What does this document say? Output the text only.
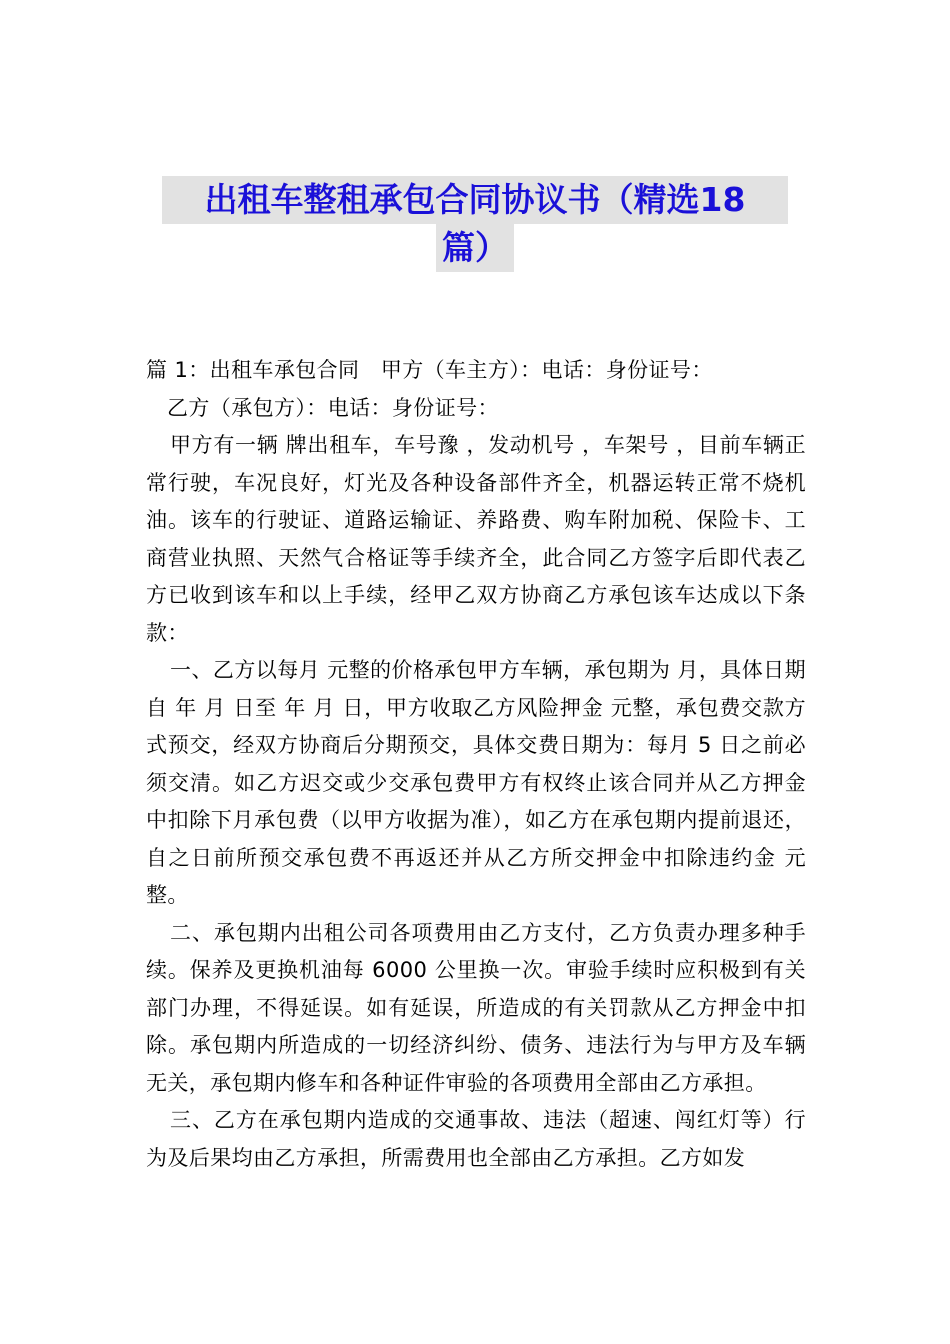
出租车整租承包合同协议书（精选18
篇）

篇 1：出租车承包合同　甲方（车主方）：电话：身份证号：

乙方（承包方）：电话：身份证号：

甲方有一辆 牌出租车，车号豫 ，发动机号 ，车架号 ，目前车辆正常行驶，车况良好，灯光及各种设备部件齐全，机器运转正常不烧机油。该车的行驶证、道路运输证、养路费、购车附加税、保险卡、工商营业执照、天然气合格证等手续齐全，此合同乙方签字后即代表乙方已收到该车和以上手续，经甲乙双方协商乙方承包该车达成以下条款：

一、乙方以每月 元整的价格承包甲方车辆，承包期为 月，具体日期自 年 月 日至 年 月 日，甲方收取乙方风险押金 元整，承包费交款方式预交，经双方协商后分期预交，具体交费日期为：每月 5 日之前必须交清。如乙方迟交或少交承包费甲方有权终止该合同并从乙方押金中扣除下月承包费（以甲方收据为准），如乙方在承包期内提前退还，自之日前所预交承包费不再返还并从乙方所交押金中扣除违约金 元整。

二、承包期内出租公司各项费用由乙方支付，乙方负责办理多种手续。保养及更换机油每 6000 公里换一次。审验手续时应积极到有关部门办理，不得延误。如有延误，所造成的有关罚款从乙方押金中扣除。承包期内所造成的一切经济纠纷、债务、违法行为与甲方及车辆无关，承包期内修车和各种证件审验的各项费用全部由乙方承担。

三、乙方在承包期内造成的交通事故、违法（超速、闯红灯等）行为及后果均由乙方承担，所需费用也全部由乙方承担。乙方如发
